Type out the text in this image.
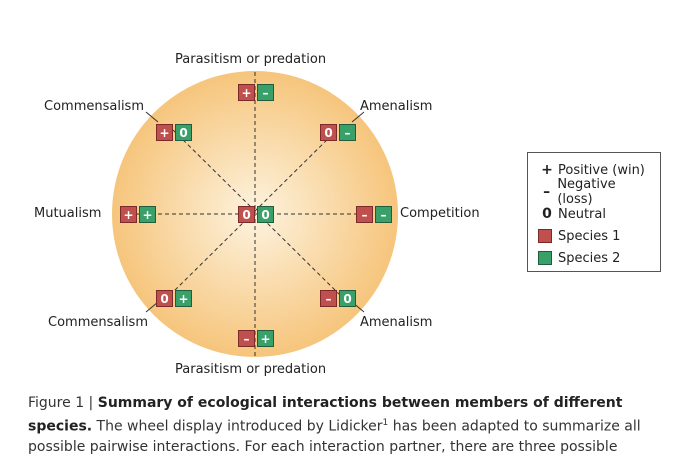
Parasitism or predation
Commensalism	Amenalism
Mutualism	Competition
Commensalism	Amenalism
Parasitism or predation
+ –
+ 0	0 –
+ +	0 0	–	–
0 +	– 0
– +
+ Positive (win)
– Negative (loss)
0 Neutral
Species 1
Species 2
Figure 1 | Summary of ecological interactions between members of different species. The wheel display introduced by Lidicker$^1$ has been adapted to summarize all possible pairwise interactions. For each interaction partner, there are three possible
